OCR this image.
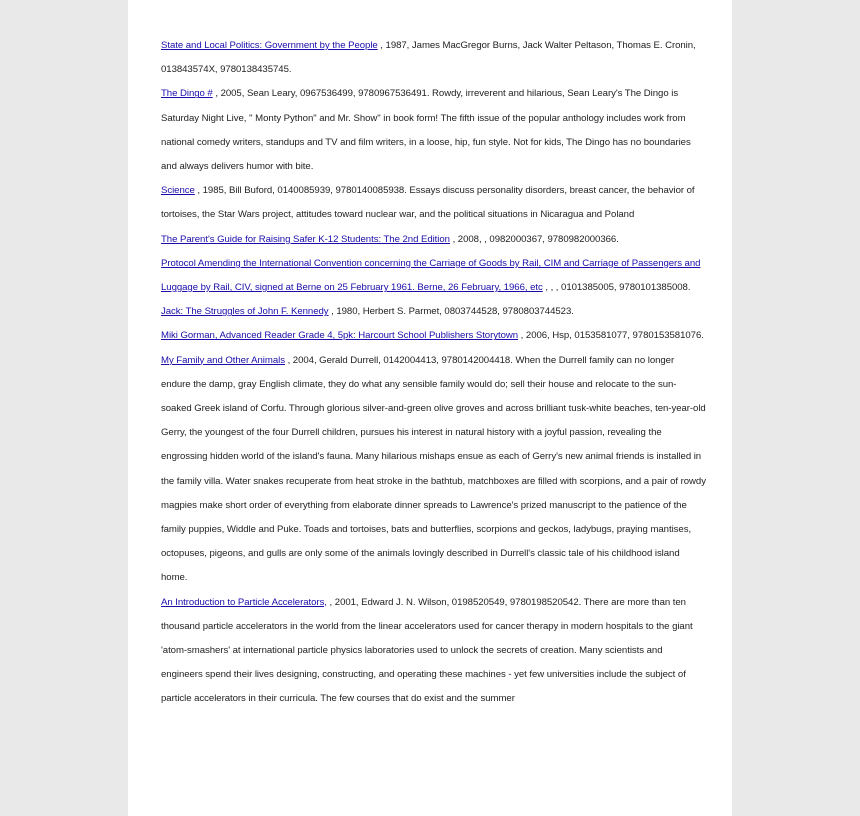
State and Local Politics: Government by the People , 1987, James MacGregor Burns, Jack Walter Peltason, Thomas E. Cronin, 013843574X, 9780138435745.

The Dingo # , 2005, Sean Leary, 0967536499, 9780967536491. Rowdy, irreverent and hilarious, Sean Leary's The Dingo is Saturday Night Live, '' Monty Python" and Mr. Show" in book form! The fifth issue of the popular anthology includes work from national comedy writers, standups and TV and film writers, in a loose, hip, fun style. Not for kids, The Dingo has no boundaries and always delivers humor with bite.

Science , 1985, Bill Buford, 0140085939, 9780140085938. Essays discuss personality disorders, breast cancer, the behavior of tortoises, the Star Wars project, attitudes toward nuclear war, and the political situations in Nicaragua and Poland

The Parent's Guide for Raising Safer K-12 Students: The 2nd Edition , 2008, , 0982000367, 9780982000366.

Protocol Amending the International Convention concerning the Carriage of Goods by Rail, CIM and Carriage of Passengers and Luggage by Rail, CIV, signed at Berne on 25 February 1961. Berne, 26 February, 1966, etc , , , 0101385005, 9780101385008.

Jack: The Struggles of John F. Kennedy , 1980, Herbert S. Parmet, 0803744528, 9780803744523.

Miki Gorman, Advanced Reader Grade 4, 5pk: Harcourt School Publishers Storytown , 2006, Hsp, 0153581077, 9780153581076.

My Family and Other Animals , 2004, Gerald Durrell, 0142004413, 9780142004418. When the Durrell family can no longer endure the damp, gray English climate, they do what any sensible family would do; sell their house and relocate to the sun-soaked Greek island of Corfu. Through glorious silver-and-green olive groves and across brilliant tusk-white beaches, ten-year-old Gerry, the youngest of the four Durrell children, pursues his interest in natural history with a joyful passion, revealing the engrossing hidden world of the island's fauna. Many hilarious mishaps ensue as each of Gerry's new animal friends is installed in the family villa. Water snakes recuperate from heat stroke in the bathtub, matchboxes are filled with scorpions, and a pair of rowdy magpies make short order of everything from elaborate dinner spreads to Lawrence's prized manuscript to the patience of the family puppies, Widdle and Puke. Toads and tortoises, bats and butterflies, scorpions and geckos, ladybugs, praying mantises, octopuses, pigeons, and gulls are only some of the animals lovingly described in Durrell's classic tale of his childhood island home.

An Introduction to Particle Accelerators, , 2001, Edward J. N. Wilson, 0198520549, 9780198520542. There are more than ten thousand particle accelerators in the world from the linear accelerators used for cancer therapy in modern hospitals to the giant 'atom-smashers' at international particle physics laboratories used to unlock the secrets of creation. Many scientists and engineers spend their lives designing, constructing, and operating these machines - yet few universities include the subject of particle accelerators in their curricula. The few courses that do exist and the summer
